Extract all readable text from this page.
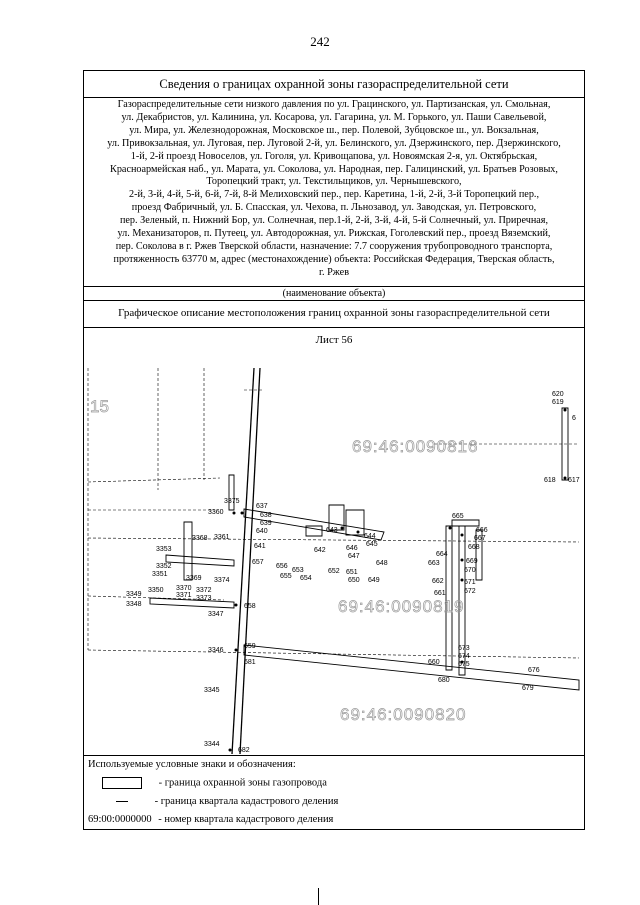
242
Сведения о границах охранной зоны газораспределительной сети
Газораспределительные сети низкого давления по ул. Грацинского, ул. Партизанская, ул. Смольная,
ул. Декабристов, ул. Калинина, ул. Косарова, ул. Гагарина, ул. М. Горького, ул. Паши Савельевой,
ул. Мира, ул. Железнодорожная, Московское ш., пер. Полевой, Зубцовское ш., ул. Вокзальная,
ул. Привокзальная, ул. Луговая, пер. Луговой 2-й, ул. Белинского, ул. Дзержинского, пер. Дзержинского,
1-й, 2-й проезд Новоселов, ул. Гоголя, ул. Кривощапова, ул. Новоямская 2-я, ул. Октябрьская,
Красноармейская наб., ул. Марата, ул. Соколова, ул. Народная, пер. Галицинский, ул. Братьев Розовых,
Торопецкий тракт, ул. Текстильщиков, ул. Чернышевского,
2-й, 3-й, 4-й, 5-й, 6-й, 7-й, 8-й Мелиховский пер., пер. Каретина, 1-й, 2-й, 3-й Торопецкий пер.,
проезд Фабричный, ул. Б. Спасская, ул. Чехова, п. Льнозавод, ул. Заводская, ул. Петровского,
пер. Зеленый, п. Нижний Бор, ул. Солнечная, пер.1-й, 2-й, 3-й, 4-й, 5-й Солнечный, ул. Приречная,
ул. Механизаторов, п. Путеец, ул. Автодорожная, ул. Рижская, Гоголевский пер., проезд Вяземский,
пер. Соколова в г. Ржев Тверской области, назначение: 7.7 сооружения трубопроводного транспорта,
протяженность 63770 м, адрес (местонахождение) объекта: Российская Федерация, Тверская область,
г. Ржев
(наименование объекта)
Графическое описание местоположения границ охранной зоны газораспределительной сети
Лист 56
69:46:0090816
69:46:0090819
69:46:0090820
15
620
619
6
618 617
3375
637
638
639
640
3360
3361
641
657
643
644
645
646
647
642
648
656
653
655 654
652 651
650 649
665
666
667
668
664
663	669
670
662	671
661	672
3368
3353
3352
3351
3369
3370
3350
3371
3372
3373
3374
3349
3348
3347
658
3346
659
681
673
674
675
660
680
676
679
3345
3344
682
Используемые условные знаки и обозначения:
- граница охранной зоны газопровода
- граница квартала кадастрового деления
69:00:0000000 - номер квартала кадастрового деления
